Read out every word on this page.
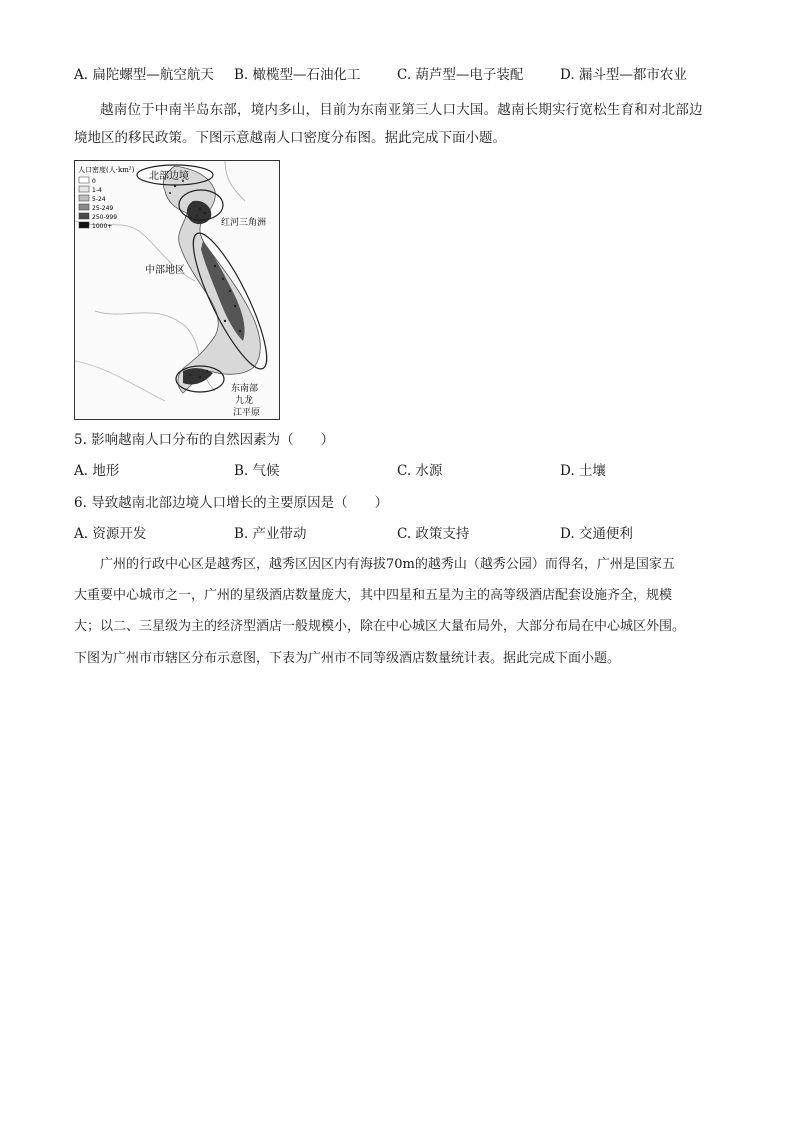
A. 扁陀螺型—航空航天 B. 橄榄型—石油化工	C. 葫芦型—电子装配	D. 漏斗型—都市农业
越南位于中南半岛东部，境内多山，目前为东南亚第三人口大国。越南长期实行宽松生育和对北部边
境地区的移民政策。下图示意越南人口密度分布图。据此完成下面小题。
北部边境
红河三角洲
中部地区
东南部
九龙
江平原
人口密度(人·km²)
0
1-4
5-24
25-249
250-999
1000+
5. 影响越南人口分布的自然因素为（　　）
A. 地形	B. 气候	C. 水源	D. 土壤
6. 导致越南北部边境人口增长的主要原因是（　　）
A. 资源开发	B. 产业带动	C. 政策支持	D. 交通便利
广州的行政中心区是越秀区，越秀区因区内有海拔70m的越秀山（越秀公园）而得名，广州是国家五
大重要中心城市之一，广州的星级酒店数量庞大，其中四星和五星为主的高等级酒店配套设施齐全，规模
大；以二、三星级为主的经济型酒店一般规模小，除在中心城区大量布局外，大部分布局在中心城区外围。
下图为广州市市辖区分布示意图，下表为广州市不同等级酒店数量统计表。据此完成下面小题。
